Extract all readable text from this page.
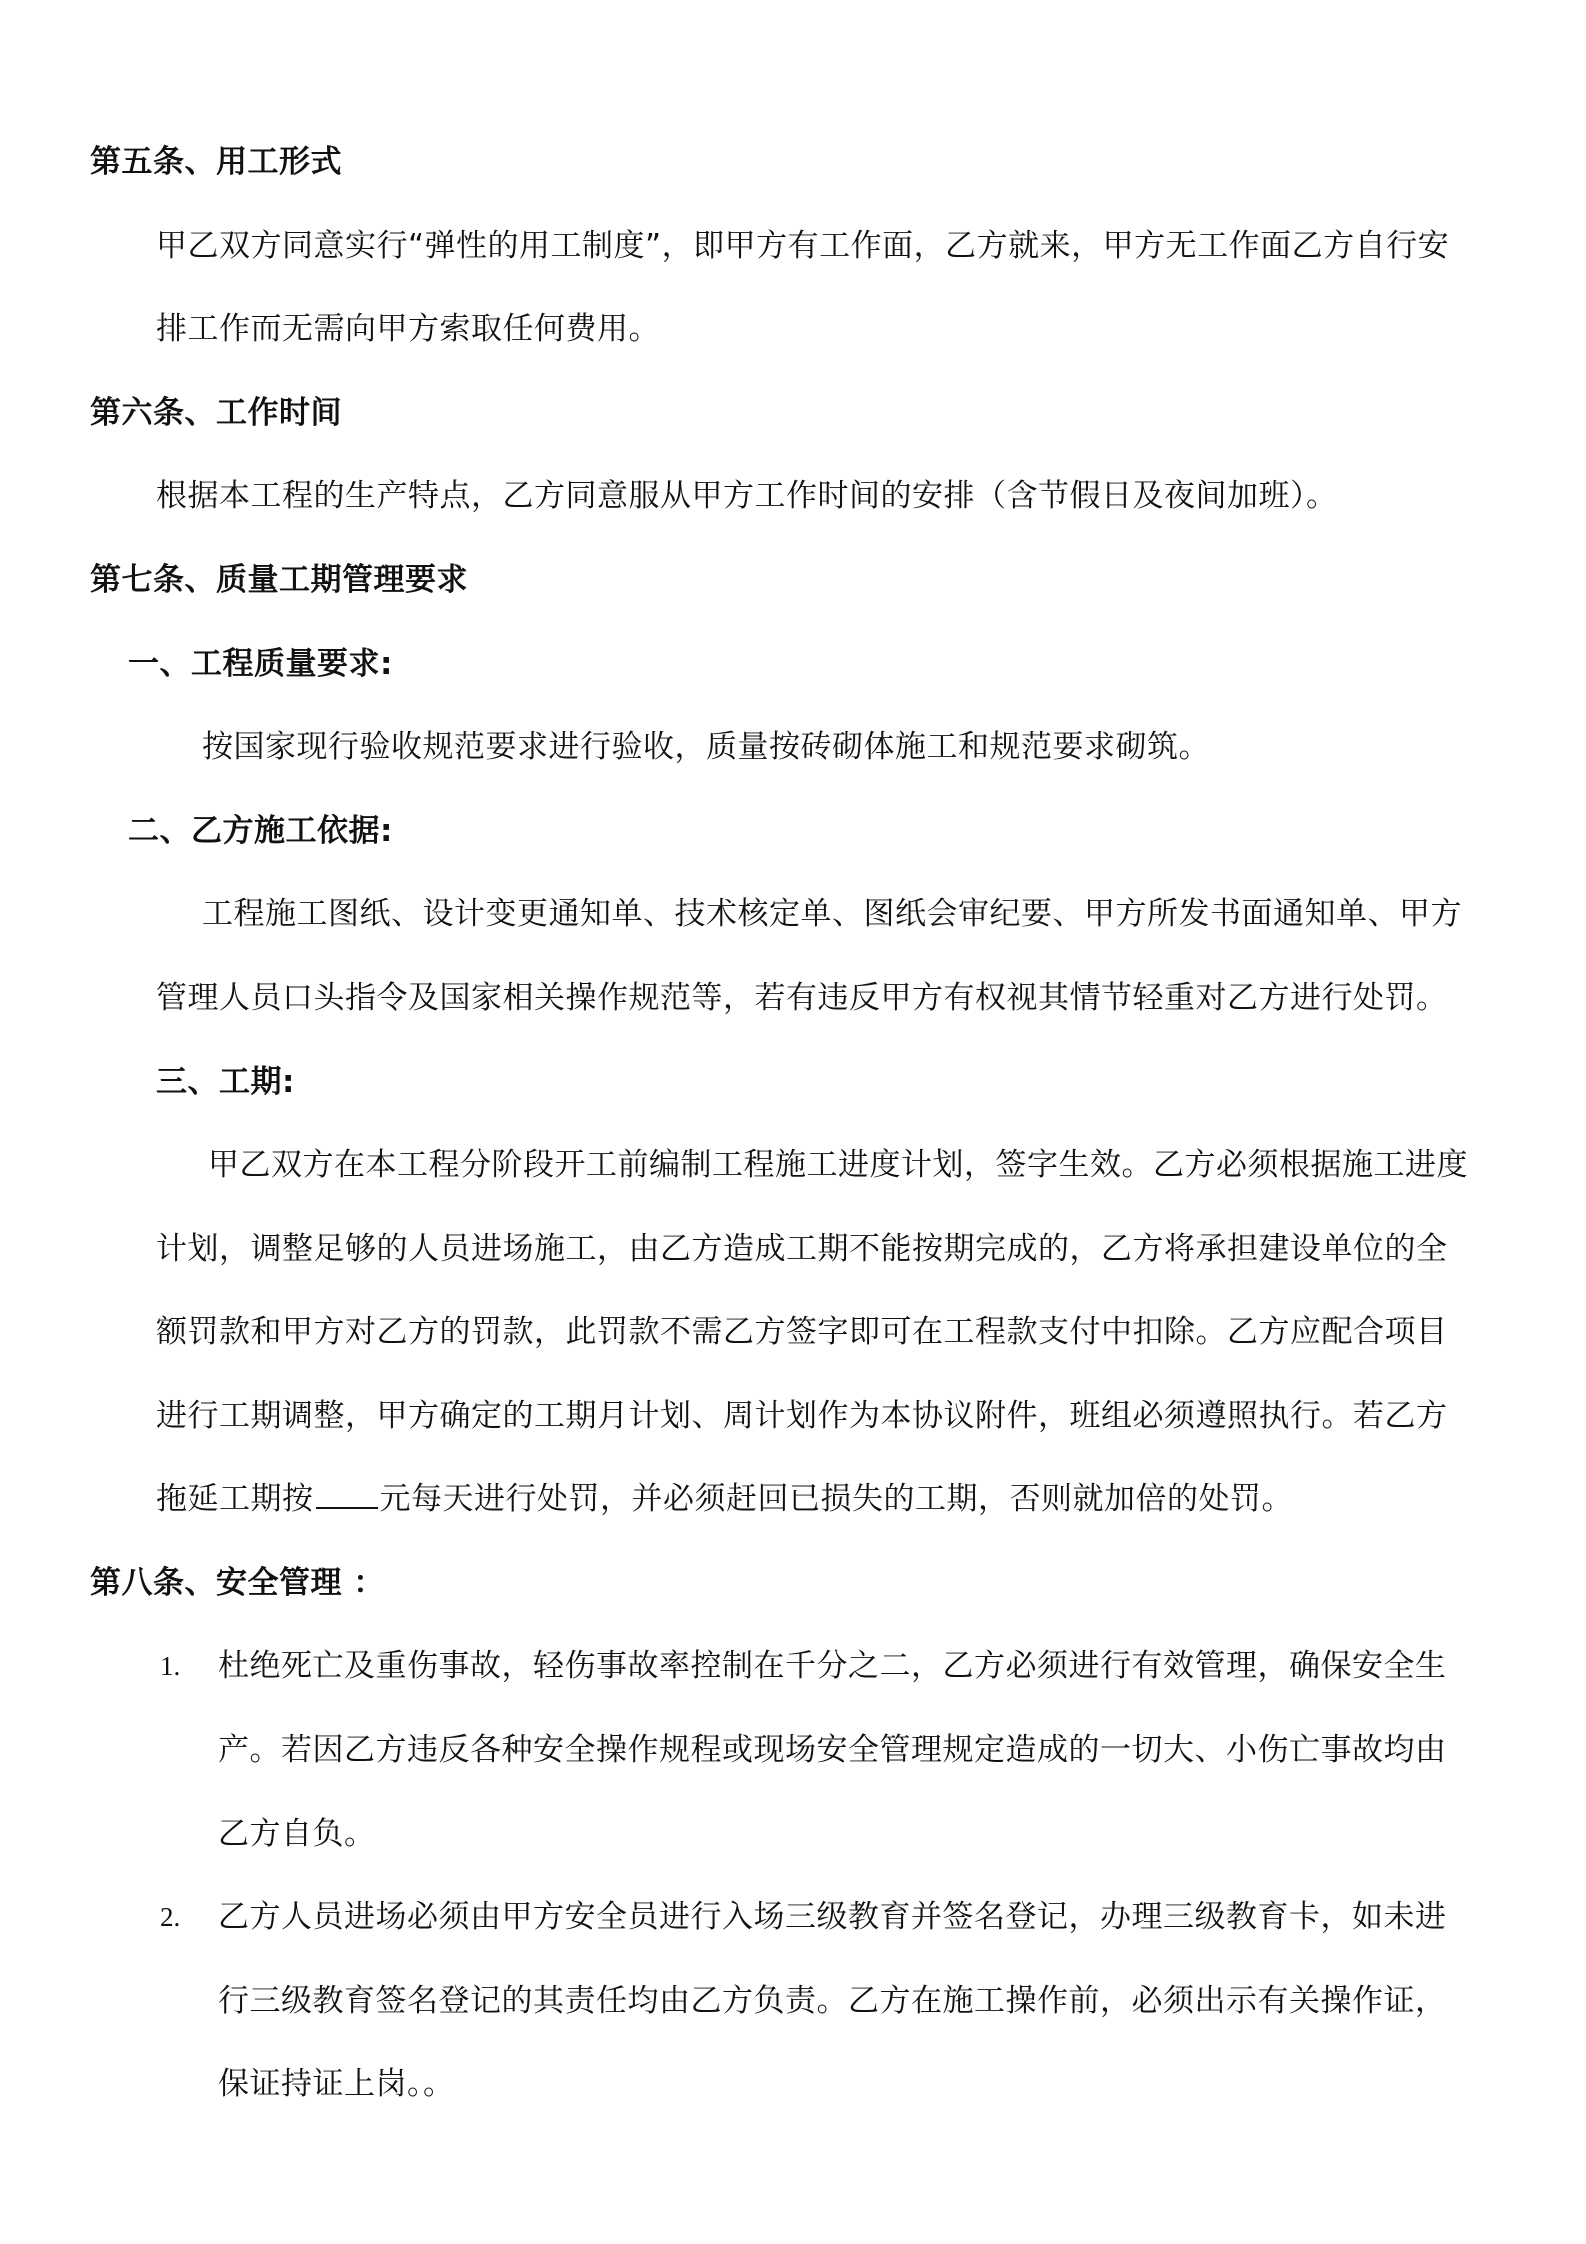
第五条、用工形式
甲乙双方同意实行“弹性的用工制度”，即甲方有工作面，乙方就来，甲方无工作面乙方自行安
排工作而无需向甲方索取任何费用。
第六条、工作时间
根据本工程的生产特点，乙方同意服从甲方工作时间的安排（含节假日及夜间加班）。
第七条、质量工期管理要求
一、工程质量要求:
按国家现行验收规范要求进行验收，质量按砖砌体施工和规范要求砌筑。
二、乙方施工依据:
工程施工图纸、设计变更通知单、技术核定单、图纸会审纪要、甲方所发书面通知单、甲方
管理人员口头指令及国家相关操作规范等，若有违反甲方有权视其情节轻重对乙方进行处罚。
三、工期:
甲乙双方在本工程分阶段开工前编制工程施工进度计划，签字生效。乙方必须根据施工进度
计划，调整足够的人员进场施工，由乙方造成工期不能按期完成的，乙方将承担建设单位的全
额罚款和甲方对乙方的罚款，此罚款不需乙方签字即可在工程款支付中扣除。乙方应配合项目
进行工期调整，甲方确定的工期月计划、周计划作为本协议附件，班组必须遵照执行。若乙方
拖延工期按 元每天进行处罚，并必须赶回已损失的工期，否则就加倍的处罚。
第八条、安全管理 ：
1. 杜绝死亡及重伤事故，轻伤事故率控制在千分之二，乙方必须进行有效管理，确保安全生
产。若因乙方违反各种安全操作规程或现场安全管理规定造成的一切大、小伤亡事故均由
乙方自负。
2. 乙方人员进场必须由甲方安全员进行入场三级教育并签名登记，办理三级教育卡，如未进
行三级教育签名登记的其责任均由乙方负责。乙方在施工操作前，必须出示有关操作证，
保证持证上岗。。
